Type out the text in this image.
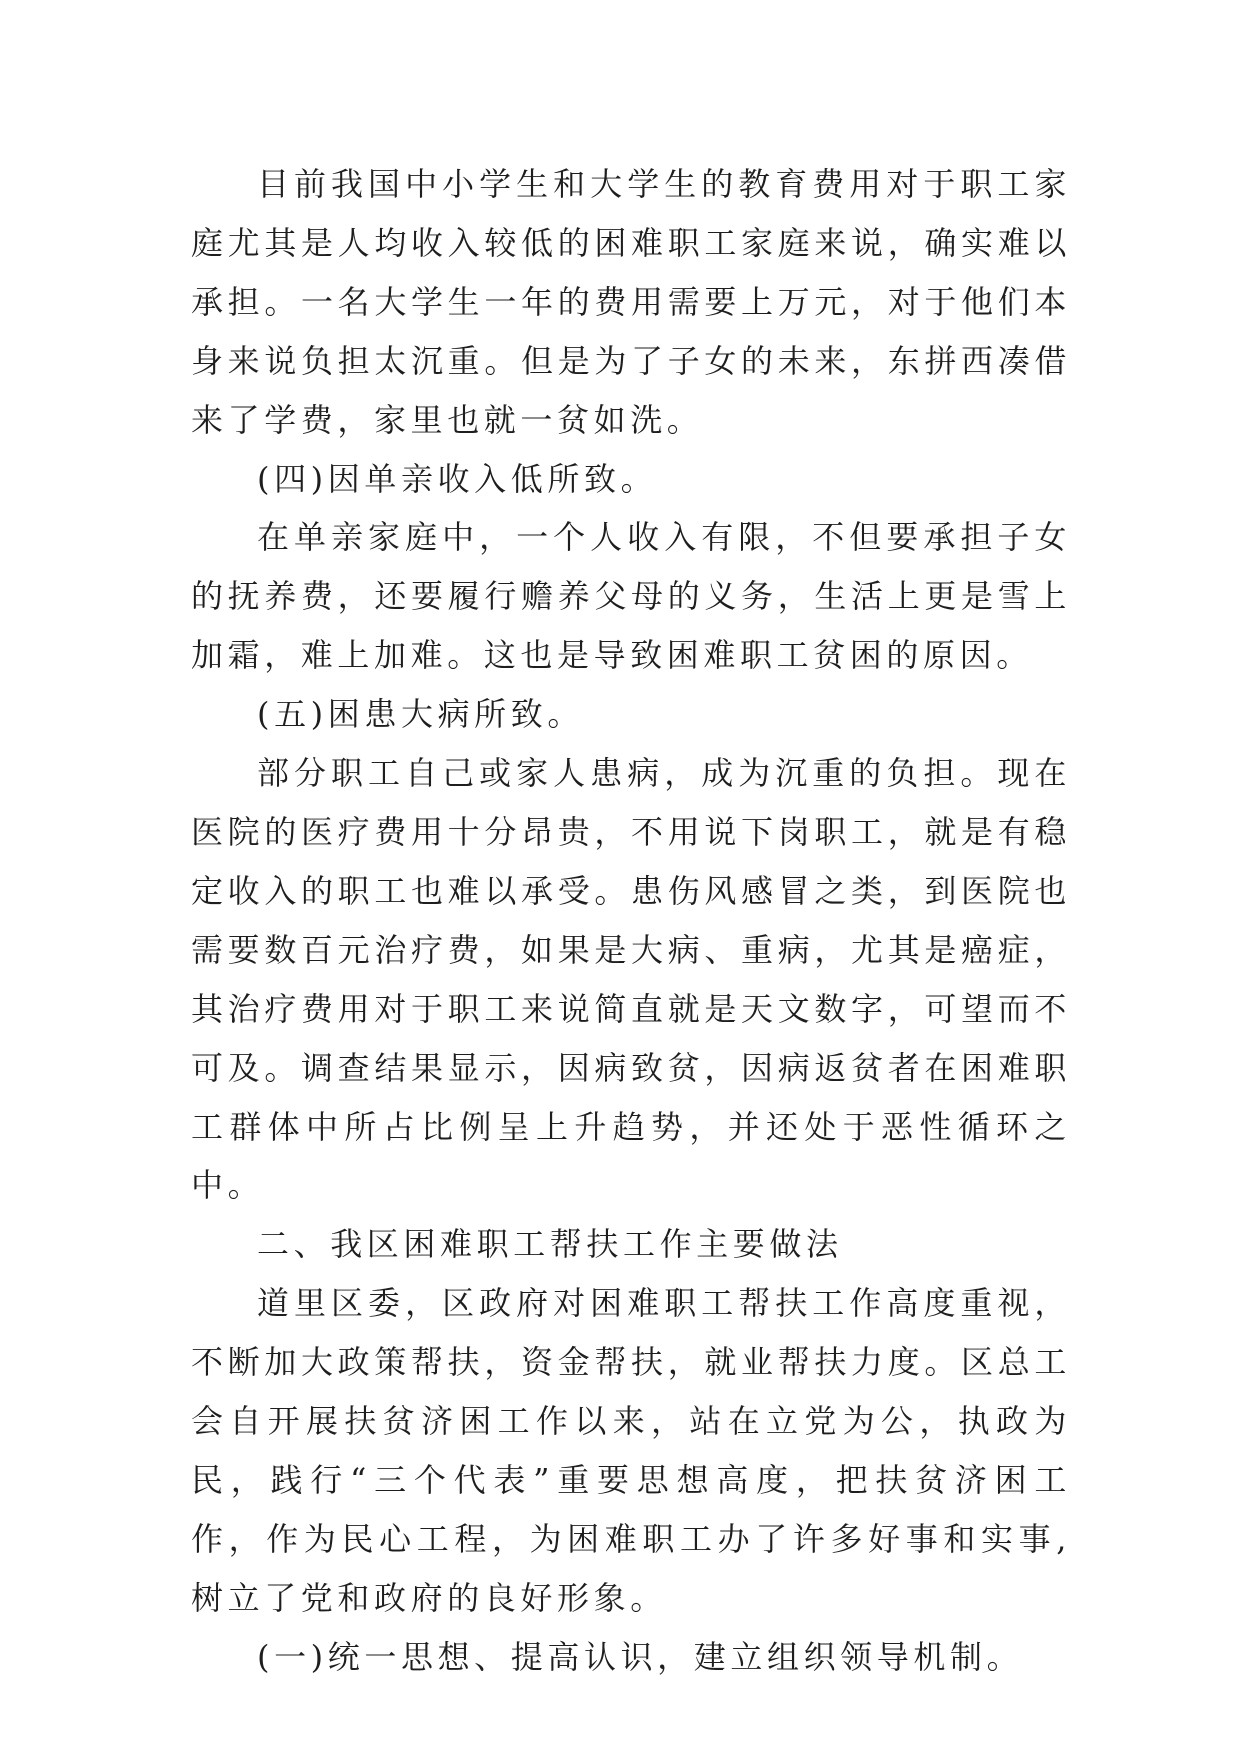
目前我国中小学生和大学生的教育费用对于职工家庭尤其是人均收入较低的困难职工家庭来说，确实难以承担。一名大学生一年的费用需要上万元，对于他们本身来说负担太沉重。但是为了子女的未来，东拼西凑借来了学费，家里也就一贫如洗。

(四)因单亲收入低所致。

在单亲家庭中，一个人收入有限，不但要承担子女的抚养费，还要履行赡养父母的义务，生活上更是雪上加霜，难上加难。这也是导致困难职工贫困的原因。

(五)困患大病所致。

部分职工自己或家人患病，成为沉重的负担。现在医院的医疗费用十分昂贵，不用说下岗职工，就是有稳定收入的职工也难以承受。患伤风感冒之类，到医院也需要数百元治疗费，如果是大病、重病，尤其是癌症，其治疗费用对于职工来说简直就是天文数字，可望而不可及。调查结果显示，因病致贫，因病返贫者在困难职工群体中所占比例呈上升趋势，并还处于恶性循环之中。

二、我区困难职工帮扶工作主要做法

道里区委，区政府对困难职工帮扶工作高度重视，不断加大政策帮扶，资金帮扶，就业帮扶力度。区总工会自开展扶贫济困工作以来，站在立党为公，执政为民，践行“三个代表”重要思想高度，把扶贫济困工作，作为民心工程，为困难职工办了许多好事和实事,树立了党和政府的良好形象。

(一)统一思想、提高认识，建立组织领导机制。
